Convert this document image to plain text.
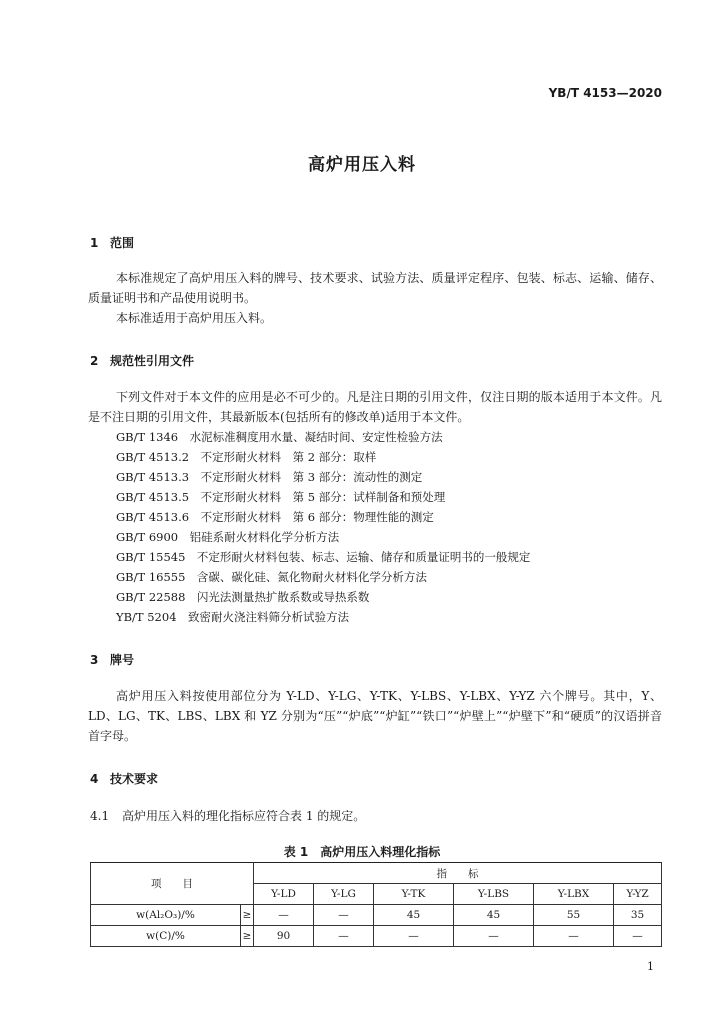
YB/T 4153—2020
高炉用压入料
1 范围
本标准规定了高炉用压入料的牌号、技术要求、试验方法、质量评定程序、包装、标志、运输、储存、质量证明书和产品使用说明书。
本标准适用于高炉用压入料。
2 规范性引用文件
下列文件对于本文件的应用是必不可少的。凡是注日期的引用文件，仅注日期的版本适用于本文件。凡是不注日期的引用文件，其最新版本(包括所有的修改单)适用于本文件。
GB/T 1346　 水泥标准稠度用水量、凝结时间、安定性检验方法
GB/T 4513.2　 不定形耐火材料　第 2 部分：取样
GB/T 4513.3　 不定形耐火材料　第 3 部分：流动性的测定
GB/T 4513.5　 不定形耐火材料　第 5 部分：试样制备和预处理
GB/T 4513.6　 不定形耐火材料　第 6 部分：物理性能的测定
GB/T 6900　 铝硅系耐火材料化学分析方法
GB/T 15545　 不定形耐火材料包装、标志、运输、储存和质量证明书的一般规定
GB/T 16555　 含碳、碳化硅、氮化物耐火材料化学分析方法
GB/T 22588　 闪光法测量热扩散系数或导热系数
YB/T 5204　 致密耐火浇注料筛分析试验方法
3 牌号
高炉用压入料按使用部位分为 Y-LD、Y-LG、Y-TK、Y-LBS、Y-LBX、Y-YZ 六个牌号。其中，Y、LD、LG、TK、LBS、LBX 和 YZ 分别为“压”“炉底”“炉缸”“铁口”“炉壁上”“炉壁下”和“硬质”的汉语拼音首字母。
4 技术要求
4.1 高炉用压入料的理化指标应符合表 1 的规定。
表 1　高炉用压入料理化指标
项　　目		指　　标					
		Y-LD	Y-LG	Y-TK	Y-LBS	Y-LBX	Y-YZ
w(Al₂O₃)/%	≥	—	—	45	45	55	35
w(C)/%	≥	90	—	—	—	—	—
1
